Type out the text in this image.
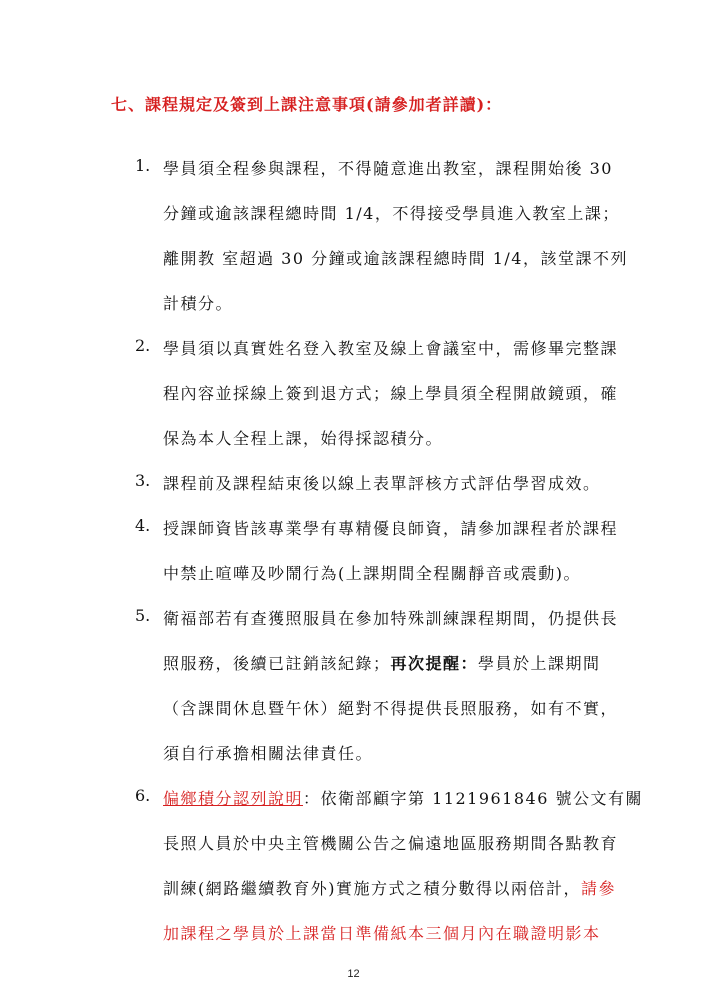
七、課程規定及簽到上課注意事項(請參加者詳讀)：
1. 學員須全程參與課程，不得隨意進出教室，課程開始後 30
分鐘或逾該課程總時間 1/4，不得接受學員進入教室上課；
離開教 室超過 30 分鐘或逾該課程總時間 1/4，該堂課不列
計積分。
2. 學員須以真實姓名登入教室及線上會議室中，需修畢完整課
程內容並採線上簽到退方式；線上學員須全程開啟鏡頭，確
保為本人全程上課，始得採認積分。
3. 課程前及課程結束後以線上表單評核方式評估學習成效。
4. 授課師資皆該專業學有專精優良師資，請參加課程者於課程
中禁止喧嘩及吵鬧行為(上課期間全程關靜音或震動)。
5. 衛福部若有查獲照服員在參加特殊訓練課程期間，仍提供長
照服務，後續已註銷該紀錄；再次提醒：學員於上課期間
（含課間休息暨午休）絕對不得提供長照服務，如有不實，
須自行承擔相關法律責任。
6. 偏鄉積分認列說明：依衛部顧字第 1121961846 號公文有關
長照人員於中央主管機關公告之偏遠地區服務期間各點教育
訓練(網路繼續教育外)實施方式之積分數得以兩倍計，請參
加課程之學員於上課當日準備紙本三個月內在職證明影本
12
